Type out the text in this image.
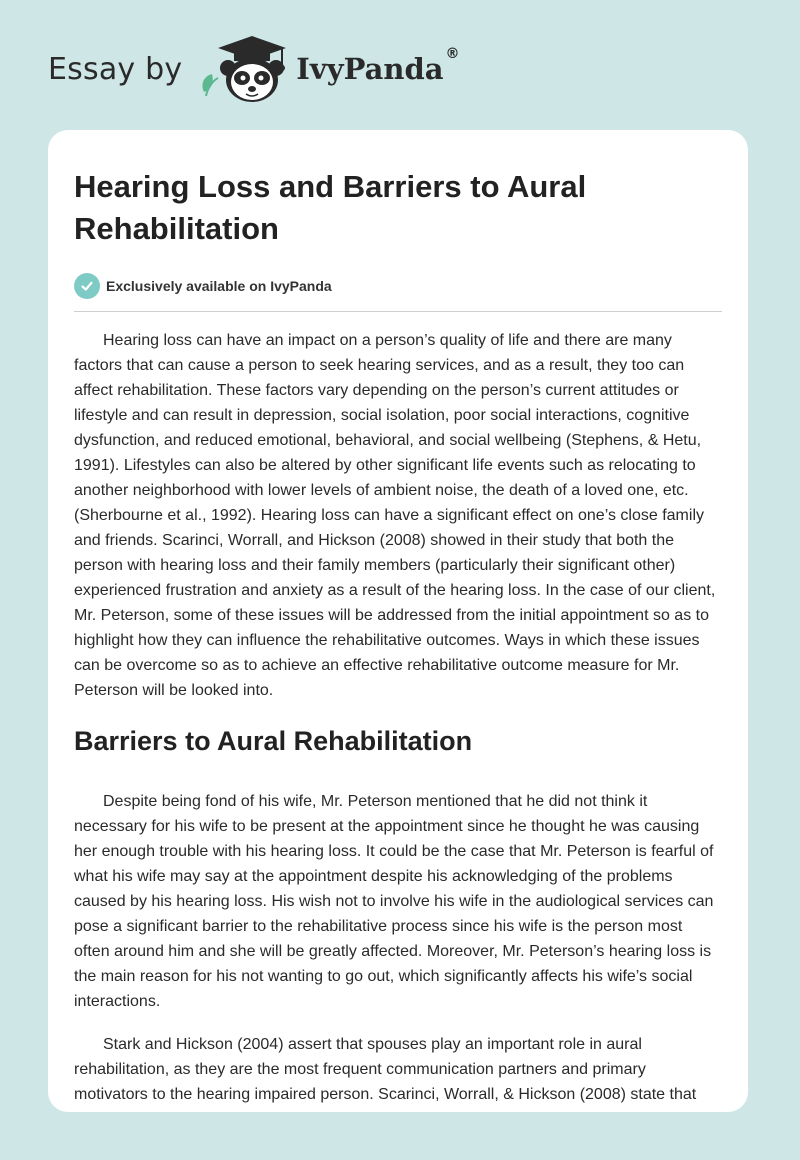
Essay by	IvyPanda ®
Hearing Loss and Barriers to Aural Rehabilitation
Exclusively available on IvyPanda

Hearing loss can have an impact on a person’s quality of life and there are many factors that can cause a person to seek hearing services, and as a result, they too can affect rehabilitation. These factors vary depending on the person’s current attitudes or lifestyle and can result in depression, social isolation, poor social interactions, cognitive dysfunction, and reduced emotional, behavioral, and social wellbeing (Stephens, & Hetu, 1991). Lifestyles can also be altered by other significant life events such as relocating to another neighborhood with lower levels of ambient noise, the death of a loved one, etc. (Sherbourne et al., 1992). Hearing loss can have a significant effect on one’s close family and friends. Scarinci, Worrall, and Hickson (2008) showed in their study that both the person with hearing loss and their family members (particularly their significant other) experienced frustration and anxiety as a result of the hearing loss. In the case of our client, Mr. Peterson, some of these issues will be addressed from the initial appointment so as to highlight how they can influence the rehabilitative outcomes. Ways in which these issues can be overcome so as to achieve an effective rehabilitative outcome measure for Mr. Peterson will be looked into.

Barriers to Aural Rehabilitation

Despite being fond of his wife, Mr. Peterson mentioned that he did not think it necessary for his wife to be present at the appointment since he thought he was causing her enough trouble with his hearing loss. It could be the case that Mr. Peterson is fearful of what his wife may say at the appointment despite his acknowledging of the problems caused by his hearing loss. His wish not to involve his wife in the audiological services can pose a significant barrier to the rehabilitative process since his wife is the person most often around him and she will be greatly affected. Moreover, Mr. Peterson’s hearing loss is the main reason for his not wanting to go out, which significantly affects his wife’s social interactions.

Stark and Hickson (2004) assert that spouses play an important role in aural rehabilitation, as they are the most frequent communication partners and primary motivators to the hearing impaired person. Scarinci, Worrall, & Hickson (2008) state that
